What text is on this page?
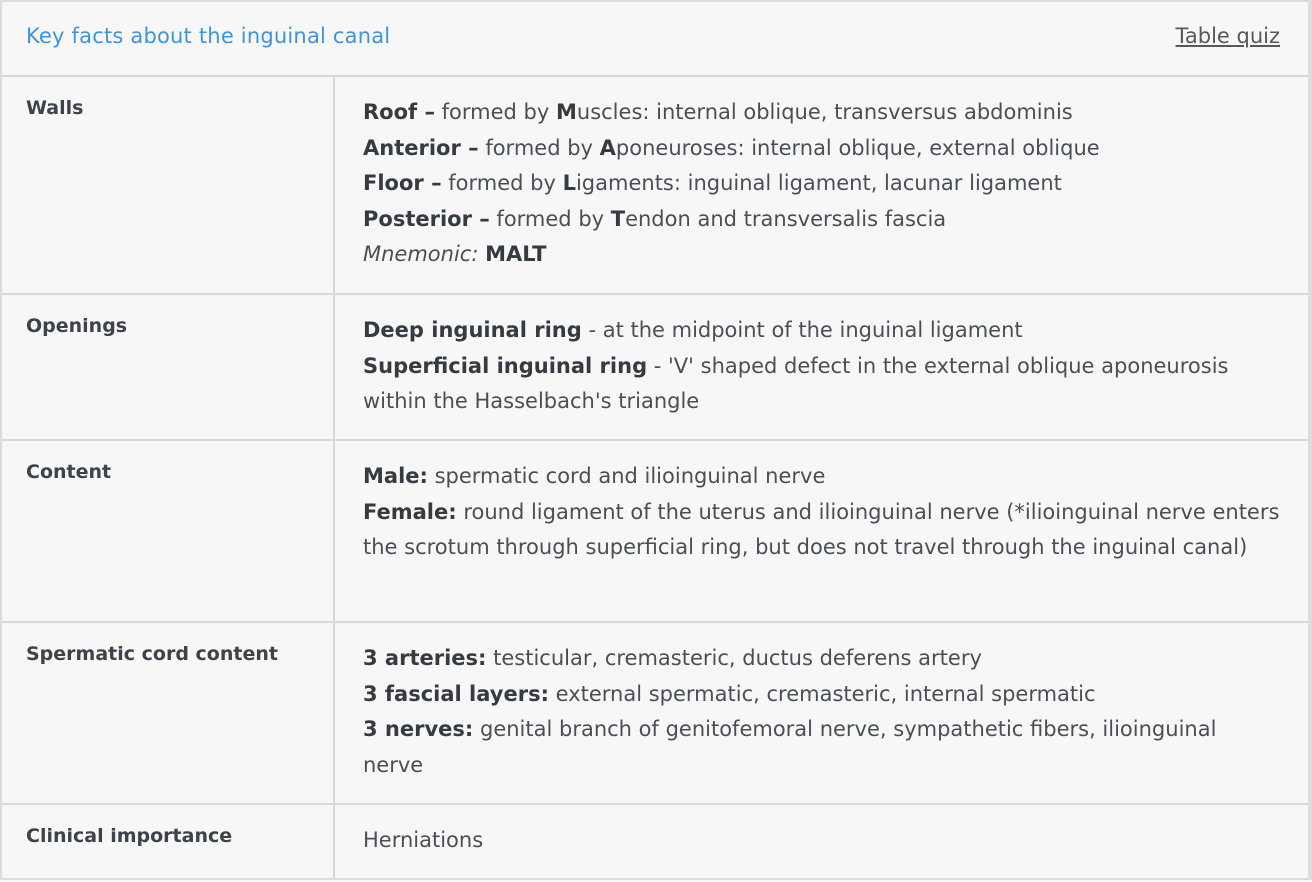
Key facts about the inguinal canal	Table quiz
Walls	Roof – formed by Muscles: internal oblique, transversus abdominis
Anterior – formed by Aponeuroses: internal oblique, external oblique
Floor – formed by Ligaments: inguinal ligament, lacunar ligament
Posterior – formed by Tendon and transversalis fascia
Mnemonic: MALT
Openings	Deep inguinal ring - at the midpoint of the inguinal ligament
Superficial inguinal ring - 'V' shaped defect in the external oblique aponeurosis within the Hasselbach's triangle
Content	Male: spermatic cord and ilioinguinal nerve
Female: round ligament of the uterus and ilioinguinal nerve (*ilioinguinal nerve enters the scrotum through superficial ring, but does not travel through the inguinal canal)
Spermatic cord content	3 arteries: testicular, cremasteric, ductus deferens artery
3 fascial layers: external spermatic, cremasteric, internal spermatic
3 nerves: genital branch of genitofemoral nerve, sympathetic fibers, ilioinguinal nerve
Clinical importance	Herniations
